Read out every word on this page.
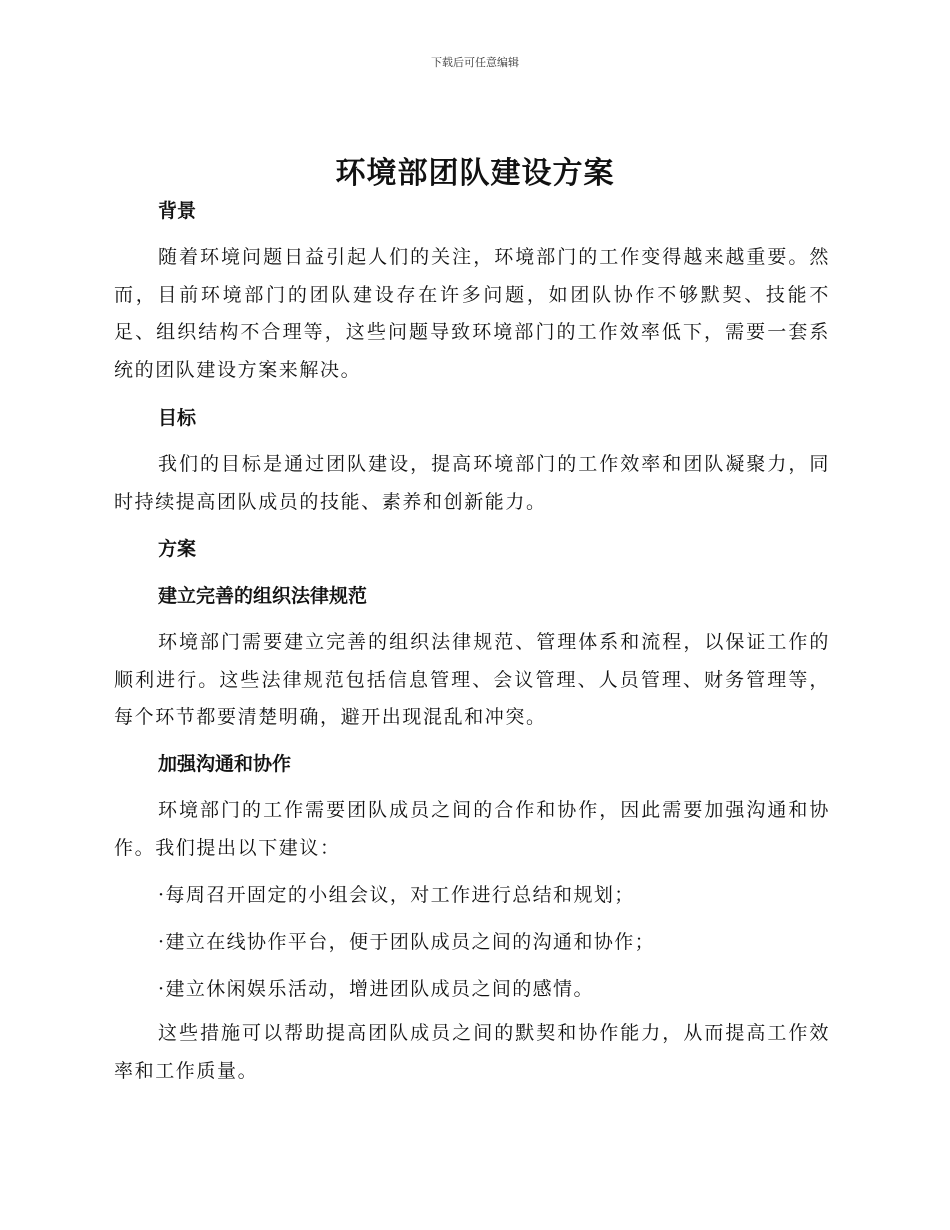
下载后可任意编辑
环境部团队建设方案
背景
随着环境问题日益引起人们的关注，环境部门的工作变得越来越重要。然而，目前环境部门的团队建设存在许多问题，如团队协作不够默契、技能不足、组织结构不合理等，这些问题导致环境部门的工作效率低下，需要一套系统的团队建设方案来解决。
目标
我们的目标是通过团队建设，提高环境部门的工作效率和团队凝聚力，同时持续提高团队成员的技能、素养和创新能力。
方案
建立完善的组织法律规范
环境部门需要建立完善的组织法律规范、管理体系和流程，以保证工作的顺利进行。这些法律规范包括信息管理、会议管理、人员管理、财务管理等，每个环节都要清楚明确，避开出现混乱和冲突。
加强沟通和协作
环境部门的工作需要团队成员之间的合作和协作，因此需要加强沟通和协作。我们提出以下建议：
·每周召开固定的小组会议，对工作进行总结和规划；
·建立在线协作平台，便于团队成员之间的沟通和协作；
·建立休闲娱乐活动，增进团队成员之间的感情。
这些措施可以帮助提高团队成员之间的默契和协作能力，从而提高工作效率和工作质量。
